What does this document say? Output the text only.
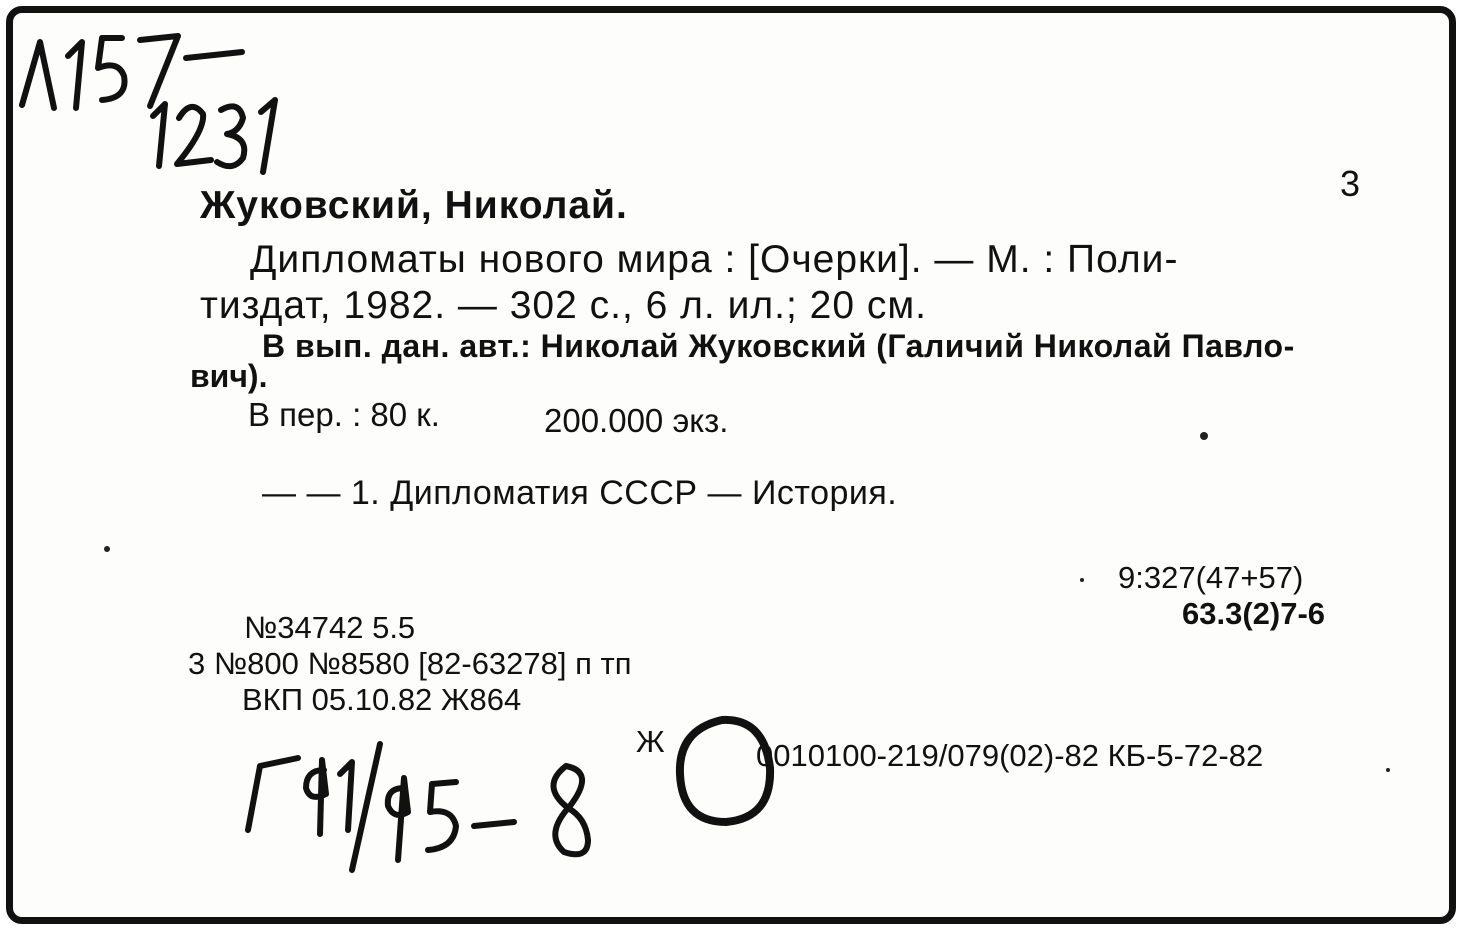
3
Жуковский, Николай.
Дипломаты нового мира : [Очерки]. — М. : Поли-
тиздат, 1982. — 302 с., 6 л. ил.; 20 см.
В вып. дан. авт.: Николай Жуковский (Галичий Николай Павло-
вич).
В пер. : 80 к.	200.000 экз.
— — 1. Дипломатия СССР — История.
9:327(47+57)
63.3(2)7-6
№34742 5.5
3 №800 №8580 [82-63278] п тп
ВКП 05.10.82 Ж864
Ж	0010100-219/079(02)-82 КБ-5-72-82
